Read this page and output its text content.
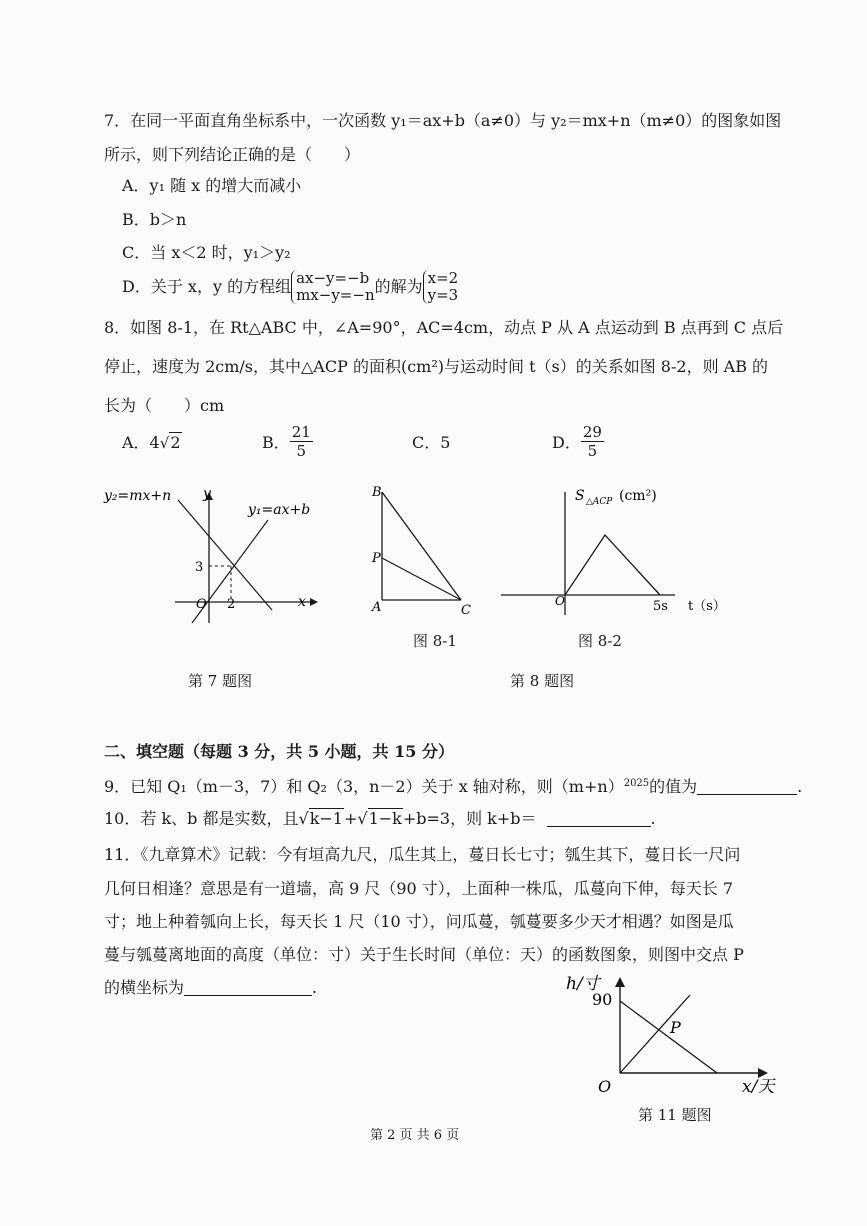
7．在同一平面直角坐标系中，一次函数 y₁＝ax+b（a≠0）与 y₂＝mx+n（m≠0）的图象如图
所示，则下列结论正确的是（　　）
A．y₁ 随 x 的增大而减小
B．b＞n
C．当 x＜2 时，y₁＞y₂
D．关于 x，y 的方程组 ax−y=−b
mx−y=−n 的解为 x=2
y=3
8．如图 8-1，在 Rt△ABC 中，∠A=90°，AC=4cm，动点 P 从 A 点运动到 B 点再到 C 点后
停止，速度为 2cm/s，其中△ACP 的面积(cm²)与运动时间 t（s）的关系如图 8-2，则 AB 的
长为（　　）cm
A．4√2	B． $\frac{21}{5}$	C．5	D． $\frac{29}{5}$
y₂=mx+n
y₁=ax+b
y
x
O
3
2
第 7 题图
B
P
A	C
图 8-1
S △ACP (cm²)
O	5s t（s）
图 8-2
第 8 题图
二、填空题（每题 3 分，共 5 小题，共 15 分）
9．已知 Q₁（m－3，7）和 Q₂（3，n－2）关于 x 轴对称，则$(m+n)^{2025}$的值为	.
10．若 k、b 都是实数，且√k−1+√1−k+b=3，则 k+b＝	.
11．《九章算术》记载：今有垣高九尺，瓜生其上，蔓日长七寸；瓠生其下，蔓日长一尺问
几何日相逢？意思是有一道墙，高 9 尺（90 寸），上面种一株瓜，瓜蔓向下伸，每天长 7
寸；地上种着瓠向上长，每天长 1 尺（10 寸），问瓜蔓，瓠蔓要多少天才相遇？如图是瓜
蔓与瓠蔓离地面的高度（单位：寸）关于生长时间（单位：天）的函数图象，则图中交点 P
的横坐标为	.	h/寸
90
P
O	x/天
第 11 题图
第 2 页 共 6 页
